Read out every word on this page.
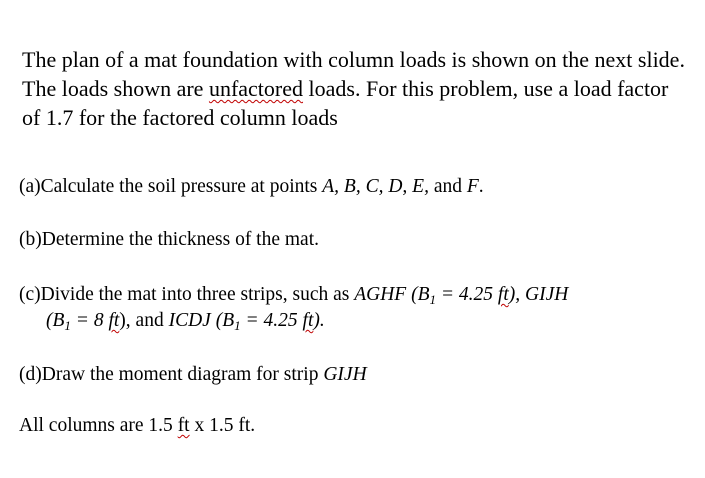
The plan of a mat foundation with column loads is shown on the next slide. The loads shown are unfactored loads. For this problem, use a load factor of 1.7 for the factored column loads

(a)Calculate the soil pressure at points A, B, C, D, E, and F.

(b)Determine the thickness of the mat.

(c)Divide the mat into three strips, such as AGHF ($B_1 = 4.25$ ft), GIJH
($B_1 = 8$ ft), and ICDJ ($B_1 = 4.25$ ft).

(d)Draw the moment diagram for strip GIJH

All columns are 1.5 ft x 1.5 ft.
